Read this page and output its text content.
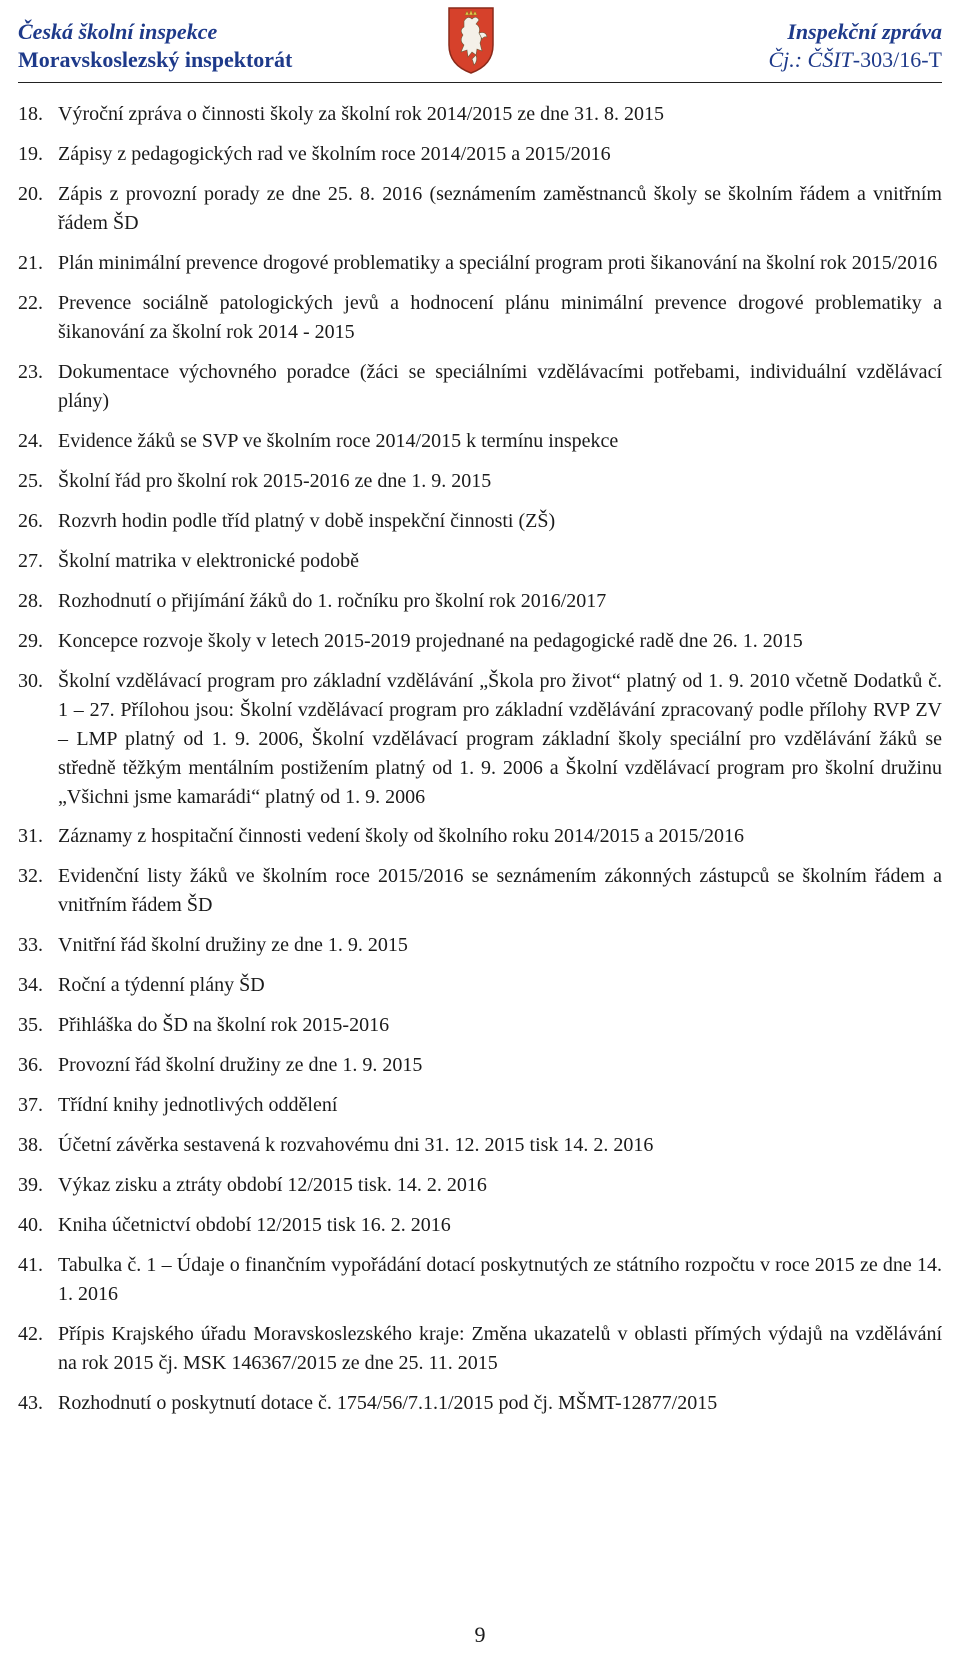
Česká školní inspekce
Moravskoslezský inspektorát
Inspekční zpráva
Čj.: ČŠIT-303/16-T
18. Výroční zpráva o činnosti školy za školní rok 2014/2015 ze dne 31. 8. 2015
19. Zápisy z pedagogických rad ve školním roce 2014/2015 a 2015/2016
20. Zápis z provozní porady ze dne 25. 8. 2016 (seznámením zaměstnanců školy se školním řádem a vnitřním řádem ŠD
21. Plán minimální prevence drogové problematiky a speciální program proti šikanování na školní rok 2015/2016
22. Prevence sociálně patologických jevů a hodnocení plánu minimální prevence drogové problematiky a šikanování za školní rok 2014 - 2015
23. Dokumentace výchovného poradce (žáci se speciálními vzdělávacími potřebami, individuální vzdělávací plány)
24. Evidence žáků se SVP ve školním roce 2014/2015 k termínu inspekce
25. Školní řád pro školní rok 2015-2016 ze dne 1. 9. 2015
26. Rozvrh hodin podle tříd platný v době inspekční činnosti (ZŠ)
27. Školní matrika v elektronické podobě
28. Rozhodnutí o přijímání žáků do 1. ročníku pro školní rok 2016/2017
29. Koncepce rozvoje školy v letech 2015-2019 projednané na pedagogické radě dne 26. 1. 2015
30. Školní vzdělávací program pro základní vzdělávání „Škola pro život“ platný od 1. 9. 2010 včetně Dodatků č. 1 – 27. Přílohou jsou: Školní vzdělávací program pro základní vzdělávání zpracovaný podle přílohy RVP ZV – LMP platný od 1. 9. 2006, Školní vzdělávací program základní školy speciální pro vzdělávání žáků se středně těžkým mentálním postižením platný od 1. 9. 2006 a Školní vzdělávací program pro školní družinu „Všichni jsme kamarádi“ platný od 1. 9. 2006
31. Záznamy z hospitační činnosti vedení školy od školního roku 2014/2015 a 2015/2016
32. Evidenční listy žáků ve školním roce 2015/2016 se seznámením zákonných zástupců se školním řádem a vnitřním řádem ŠD
33. Vnitřní řád školní družiny ze dne 1. 9. 2015
34. Roční a týdenní plány ŠD
35. Přihláška do ŠD na školní rok 2015-2016
36. Provozní řád školní družiny ze dne 1. 9. 2015
37. Třídní knihy jednotlivých oddělení
38. Účetní závěrka sestavená k rozvahovému dni 31. 12. 2015 tisk 14. 2. 2016
39. Výkaz zisku a ztráty období 12/2015 tisk. 14. 2. 2016
40. Kniha účetnictví období 12/2015 tisk 16. 2. 2016
41. Tabulka č. 1 – Údaje o finančním vypořádání dotací poskytnutých ze státního rozpočtu v roce 2015 ze dne 14. 1. 2016
42. Přípis Krajského úřadu Moravskoslezského kraje: Změna ukazatelů v oblasti přímých výdajů na vzdělávání na rok 2015 čj. MSK 146367/2015 ze dne 25. 11. 2015
43. Rozhodnutí o poskytnutí dotace č. 1754/56/7.1.1/2015 pod čj. MŠMT-12877/2015
9
